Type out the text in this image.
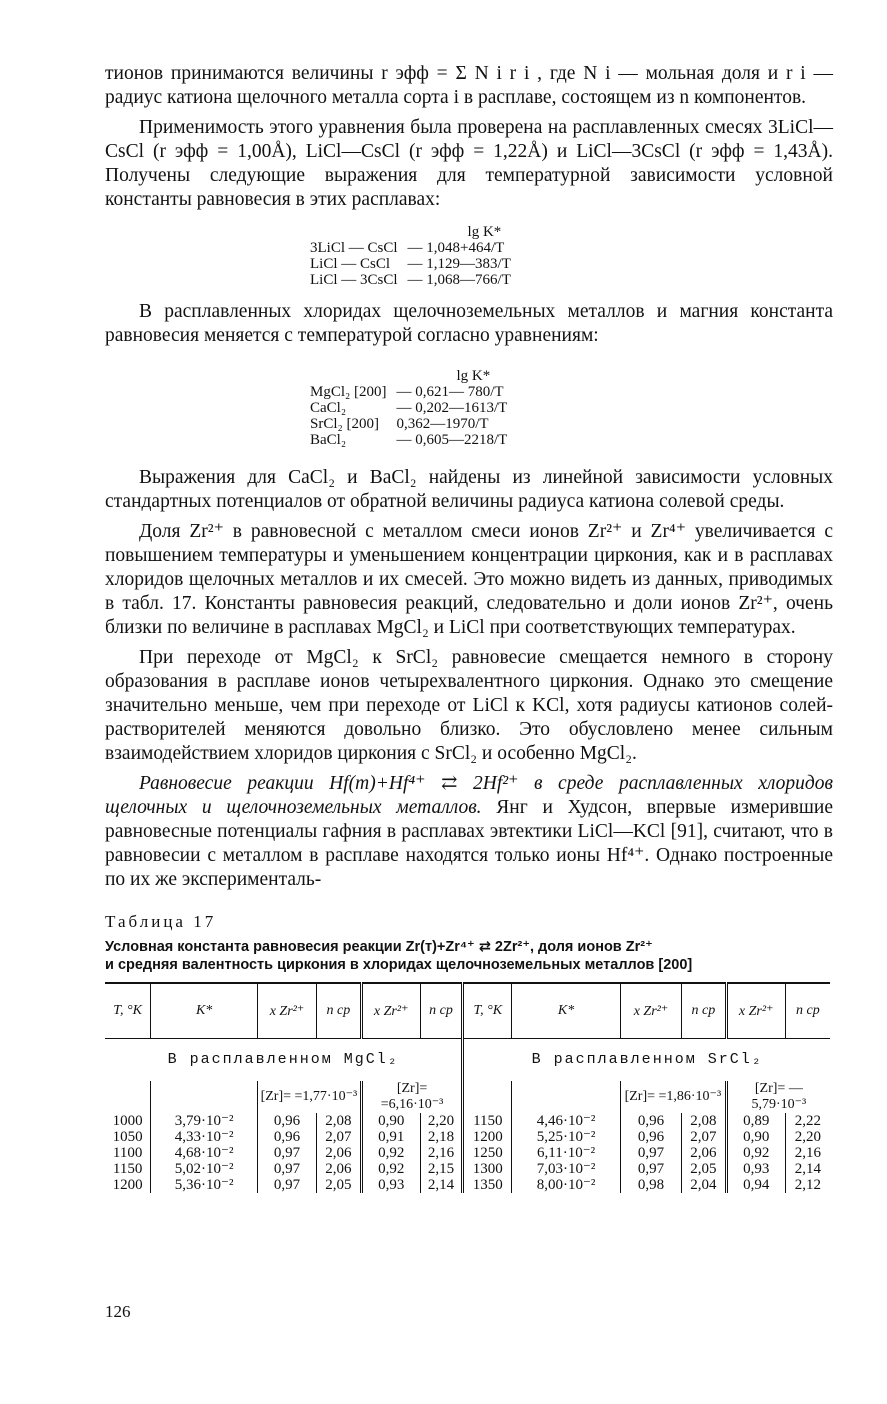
тионов принимаются величины r эфф = Σ N i r i , где N i — мольная доля и r i — радиус катиона щелочного металла сорта i в расплаве, состоящем из n компонентов.

Применимость этого уравнения была проверена на расплавленных смесях 3LiCl—CsCl (r эфф = 1,00Å), LiCl—CsCl (r эфф = 1,22Å) и LiCl—3CsCl (r эфф = 1,43Å). Получены следующие выражения для температурной зависимости условной константы равновесия в этих расплавах:

	lg K*
3LiCl — CsCl	— 1,048+464/T
LiCl — CsCl	— 1,129—383/T
LiCl — 3CsCl	— 1,068—766/T

В расплавленных хлоридах щелочноземельных металлов и магния константа равновесия меняется с температурой согласно уравнениям:

	lg K*
MgCl₂ [200]	— 0,621— 780/T
CaCl₂	— 0,202—1613/T
SrCl₂ [200]	0,362—1970/T
BaCl₂	— 0,605—2218/T

Выражения для CaCl₂ и BaCl₂ найдены из линейной зависимости условных стандартных потенциалов от обратной величины радиуса катиона солевой среды.

Доля Zr²⁺ в равновесной с металлом смеси ионов Zr²⁺ и Zr⁴⁺ увеличивается с повышением температуры и уменьшением концентрации циркония, как и в расплавах хлоридов щелочных металлов и их смесей. Это можно видеть из данных, приводимых в табл. 17. Константы равновесия реакций, следовательно и доли ионов Zr²⁺, очень близки по величине в расплавах MgCl₂ и LiCl при соответствующих температурах.

При переходе от MgCl₂ к SrCl₂ равновесие смещается немного в сторону образования в расплаве ионов четырехвалентного циркония. Однако это смещение значительно меньше, чем при переходе от LiCl к KCl, хотя радиусы катионов солей-растворителей меняются довольно близко. Это обусловлено менее сильным взаимодействием хлоридов циркония с SrCl₂ и особенно MgCl₂.

Равновесие реакции Hf(т)+Hf⁴⁺ ⇄ 2Hf²⁺ в среде расплавленных хлоридов щелочных и щелочноземельных металлов. Янг и Худсон, впервые измерившие равновесные потенциалы гафния в расплавах эвтектики LiCl—KCl [91], считают, что в равновесии с металлом в расплаве находятся только ионы Hf⁴⁺. Однако построенные по их же эксперименталь-

Таблица 17
Условная константа равновесия реакции Zr(т)+Zr⁴⁺ ⇄ 2Zr²⁺, доля ионов Zr²⁺
и средняя валентность циркония в хлоридах щелочноземельных металлов [200]
T, °K	K*	x Zr²⁺	n ср	x Zr²⁺	n ср	T, °K	K*	x Zr²⁺	n ср	x Zr²⁺	n ср
В расплавленном MgCl₂						В расплавленном SrCl₂					
		[Zr]= =1,77·10⁻³		[Zr]= =6,16·10⁻³				[Zr]= =1,86·10⁻³		[Zr]= —5,79·10⁻³	
1000	3,79·10⁻²	0,96	2,08	0,90	2,20	1150	4,46·10⁻²	0,96	2,08	0,89	2,22
1050	4,33·10⁻²	0,96	2,07	0,91	2,18	1200	5,25·10⁻²	0,96	2,07	0,90	2,20
1100	4,68·10⁻²	0,97	2,06	0,92	2,16	1250	6,11·10⁻²	0,97	2,06	0,92	2,16
1150	5,02·10⁻²	0,97	2,06	0,92	2,15	1300	7,03·10⁻²	0,97	2,05	0,93	2,14
1200	5,36·10⁻²	0,97	2,05	0,93	2,14	1350	8,00·10⁻²	0,98	2,04	0,94	2,12
126
